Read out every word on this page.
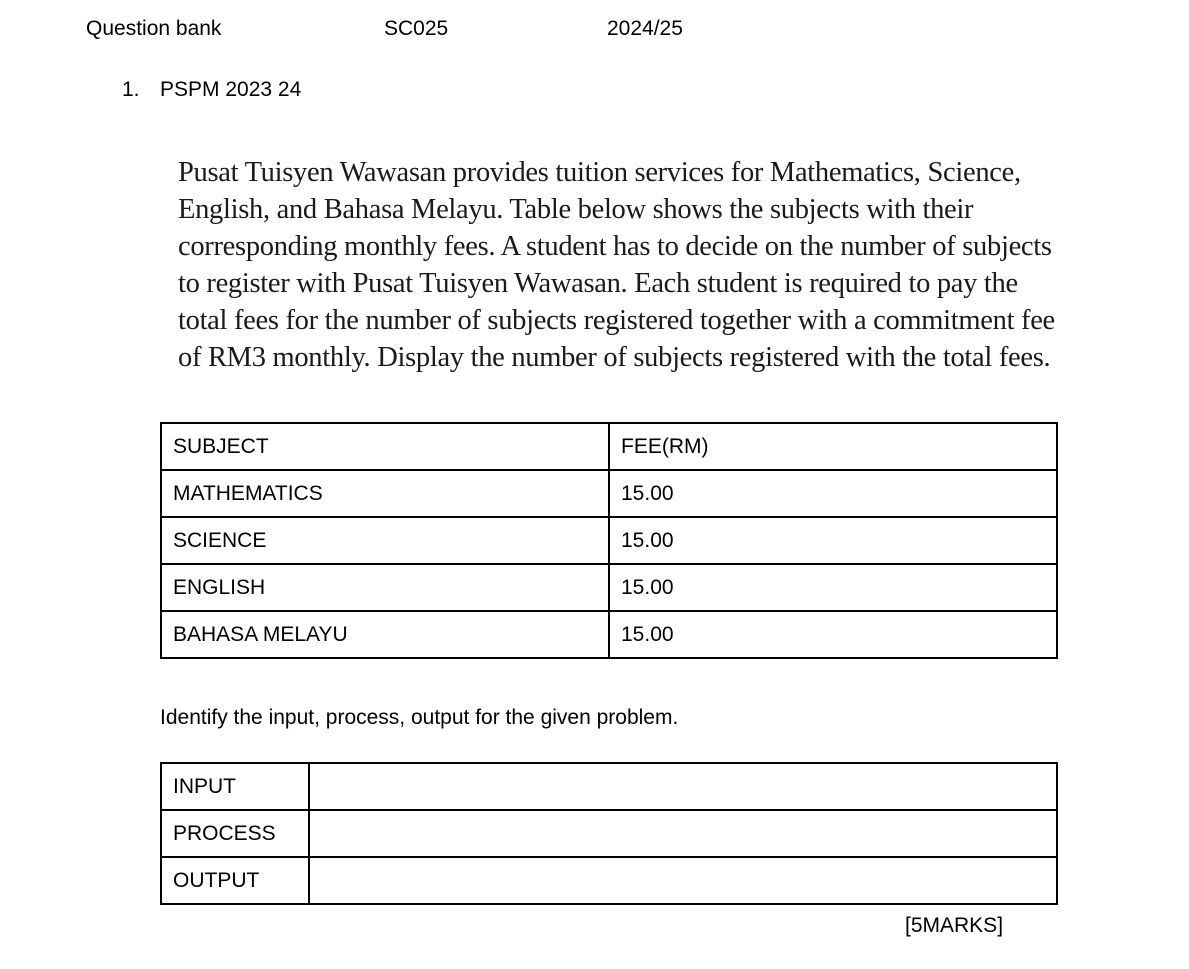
Question bank	SC025	2024/25
1. PSPM 2023 24
Pusat Tuisyen Wawasan provides tuition services for Mathematics, Science,
English, and Bahasa Melayu. Table below shows the subjects with their
corresponding monthly fees. A student has to decide on the number of subjects
to register with Pusat Tuisyen Wawasan. Each student is required to pay the
total fees for the number of subjects registered together with a commitment fee
of RM3 monthly. Display the number of subjects registered with the total fees.
SUBJECT	FEE(RM)
MATHEMATICS	15.00
SCIENCE	15.00
ENGLISH	15.00
BAHASA MELAYU	15.00
Identify the input, process, output for the given problem.
INPUT	
PROCESS	
OUTPUT	
[5MARKS]
